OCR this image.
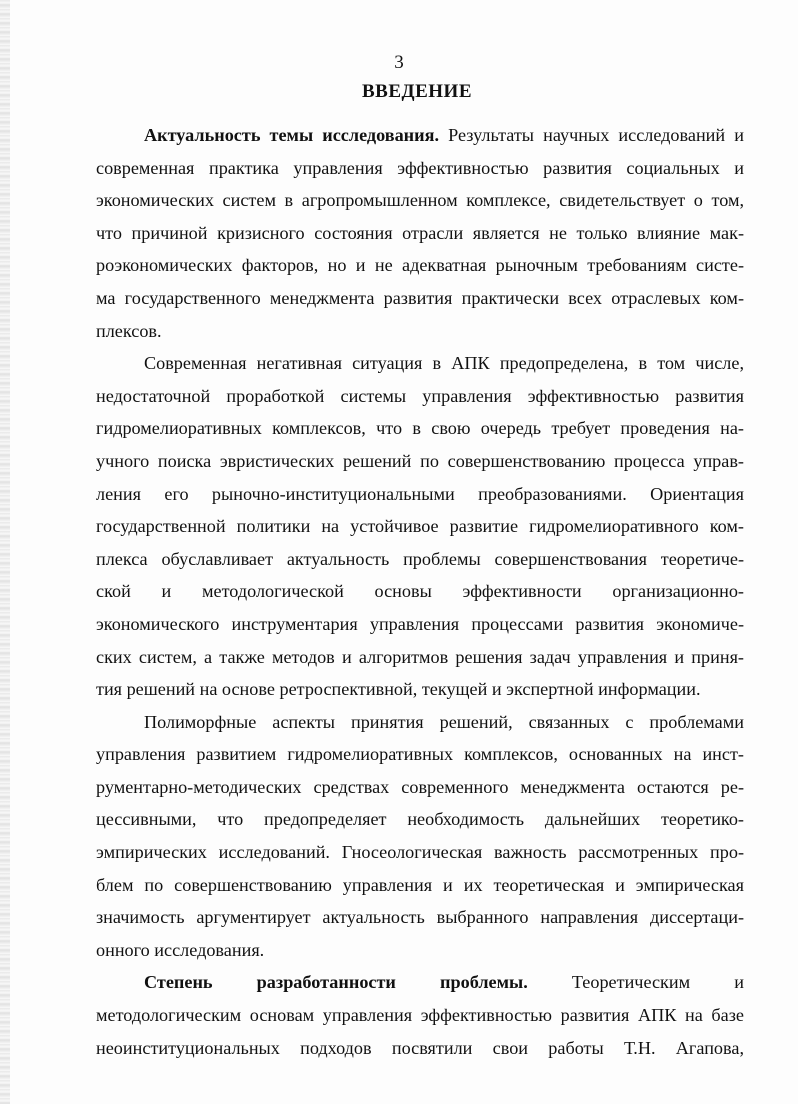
3
ВВЕДЕНИЕ
Актуальность темы исследования. Результаты научных исследований и
современная практика управления эффективностью развития социальных и
экономических систем в агропромышленном комплексе, свидетельствует о том,
что причиной кризисного состояния отрасли является не только влияние мак-
роэкономических факторов, но и не адекватная рыночным требованиям систе-
ма государственного менеджмента развития практически всех отраслевых ком-
плексов.
Современная негативная ситуация в АПК предопределена, в том числе,
недостаточной проработкой системы управления эффективностью развития
гидромелиоративных комплексов, что в свою очередь требует проведения на-
учного поиска эвристических решений по совершенствованию процесса управ-
ления его рыночно-институциональными преобразованиями. Ориентация
государственной политики на устойчивое развитие гидромелиоративного ком-
плекса обуславливает актуальность проблемы совершенствования теоретиче-
ской и методологической основы эффективности организационно-
экономического инструментария управления процессами развития экономиче-
ских систем, а также методов и алгоритмов решения задач управления и приня-
тия решений на основе ретроспективной, текущей и экспертной информации.
Полиморфные аспекты принятия решений, связанных с проблемами
управления развитием гидромелиоративных комплексов, основанных на инст-
рументарно-методических средствах современного менеджмента остаются ре-
цессивными, что предопределяет необходимость дальнейших теоретико-
эмпирических исследований. Гносеологическая важность рассмотренных про-
блем по совершенствованию управления и их теоретическая и эмпирическая
значимость аргументирует актуальность выбранного направления диссертаци-
онного исследования.
Степень разработанности проблемы. Теоретическим и
методологическим основам управления эффективностью развития АПК на базе
неоинституциональных подходов посвятили свои работы Т.Н. Агапова,
